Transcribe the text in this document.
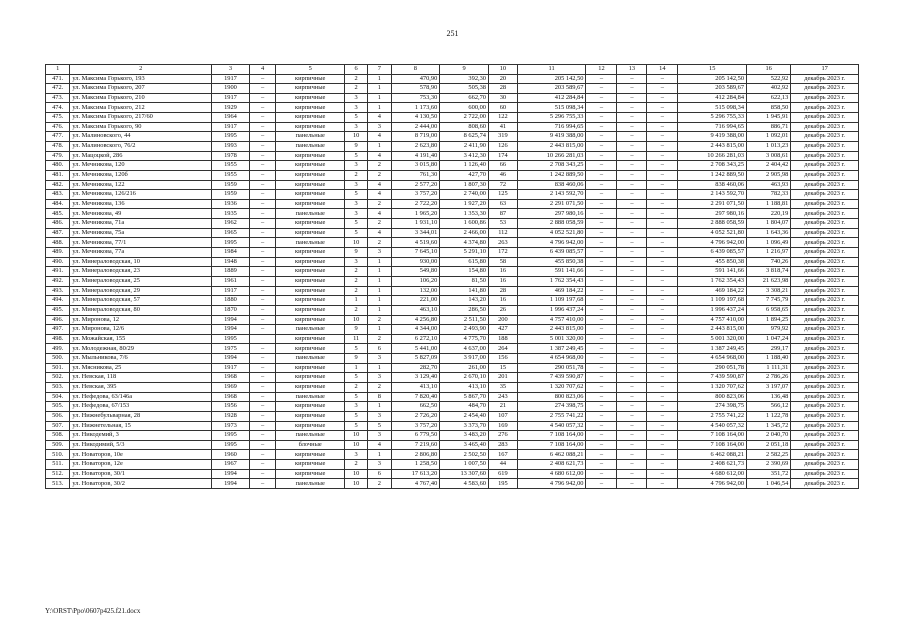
251
1	2	3	4	5	6	7	8	9	10	11	12	13	14	15	16	17
471.	ул. Максима Горького, 193	1917	–	кирпичные	2	1	470,90	392,30	20	205 142,50	–	–	–	205 142,50	522,92	декабрь 2023 г.
472.	ул. Максима Горького, 207	1900	–	кирпичные	2	1	578,90	505,38	28	203 589,67	–	–	–	203 589,67	402,92	декабрь 2023 г.
473.	ул. Максима Горького, 210	1917	–	кирпичные	3	1	753,30	662,70	30	412 284,84	–	–	–	412 284,84	622,13	декабрь 2023 г.
474.	ул. Максима Горького, 212	1929	–	кирпичные	3	1	1 173,60	600,00	60	515 098,34	–	–	–	515 098,34	858,50	декабрь 2023 г.
475.	ул. Максима Горького, 217/60	1964	–	кирпичные	5	4	4 130,50	2 722,00	122	5 296 755,33	–	–	–	5 296 755,33	1 945,91	декабрь 2023 г.
476.	ул. Максима Горького, 90	1917	–	кирпичные	3	3	2 444,00	808,60	41	716 994,65	–	–	–	716 994,65	886,71	декабрь 2023 г.
477.	ул. Малиновского, 44	1995	–	панельные	10	4	8 719,00	8 625,74	319	9 419 388,00	–	–	–	9 419 388,00	1 092,01	декабрь 2023 г.
478.	ул. Малиновского, 76/2	1993	–	панельные	9	1	2 623,80	2 411,90	126	2 443 815,00	–	–	–	2 443 815,00	1 013,23	декабрь 2023 г.
479.	ул. Мацоцкой, 286	1978	–	кирпичные	5	4	4 191,40	3 412,30	174	10 266 281,03	–	–	–	10 266 281,03	3 008,61	декабрь 2023 г.
480.	ул. Мечникова, 120	1955	–	кирпичные	3	2	3 015,80	1 126,40	66	2 708 343,25	–	–	–	2 708 343,25	2 404,42	декабрь 2023 г.
481.	ул. Мечникова, 120б	1955	–	кирпичные	2	2	761,30	427,70	46	1 242 889,50	–	–	–	1 242 889,50	2 905,98	декабрь 2023 г.
482.	ул. Мечникова, 122	1959	–	кирпичные	3	4	2 577,20	1 807,30	72	838 460,06	–	–	–	838 460,06	463,93	декабрь 2023 г.
483.	ул. Мечникова, 126/216	1959	–	кирпичные	5	4	3 757,20	2 740,00	125	2 143 592,70	–	–	–	2 143 592,70	782,33	декабрь 2023 г.
484.	ул. Мечникова, 136	1936	–	кирпичные	3	2	2 722,20	1 927,20	63	2 291 071,50	–	–	–	2 291 071,50	1 188,81	декабрь 2023 г.
485.	ул. Мечникова, 49	1935	–	панельные	3	4	1 965,20	1 353,30	87	297 980,16	–	–	–	297 980,16	220,19	декабрь 2023 г.
486.	ул. Мечникова, 71а	1962	–	кирпичные	5	2	1 931,10	1 600,86	53	2 888 058,59	–	–	–	2 888 058,59	1 804,07	декабрь 2023 г.
487.	ул. Мечникова, 75а	1965	–	кирпичные	5	4	3 344,01	2 466,00	112	4 052 521,80	–	–	–	4 052 521,80	1 643,36	декабрь 2023 г.
488.	ул. Мечникова, 77/1	1995	–	панельные	10	2	4 519,60	4 374,80	263	4 796 942,00	–	–	–	4 796 942,00	1 096,49	декабрь 2023 г.
489.	ул. Мечникова, 77а	1984	–	кирпичные	9	3	7 645,10	5 291,10	172	6 439 085,57	–	–	–	6 439 085,57	1 216,97	декабрь 2023 г.
490.	ул. Минераловодская, 10	1948	–	кирпичные	3	1	930,00	615,80	58	455 850,38	–	–	–	455 850,38	740,26	декабрь 2023 г.
491.	ул. Минераловодская, 23	1889	–	кирпичные	2	1	549,80	154,80	16	591 141,66	–	–	–	591 141,66	3 818,74	декабрь 2023 г.
492.	ул. Минераловодская, 25	1961	–	кирпичные	2	1	106,20	81,50	16	1 762 354,43	–	–	–	1 762 354,43	21 623,98	декабрь 2023 г.
493.	ул. Минераловодская, 29	1917	–	кирпичные	2	1	132,00	141,80	28	469 184,22	–	–	–	469 184,22	3 308,21	декабрь 2023 г.
494.	ул. Минераловодская, 57	1880	–	кирпичные	1	1	221,00	143,20	16	1 109 197,68	–	–	–	1 109 197,68	7 745,79	декабрь 2023 г.
495.	ул. Минераловодская, 80	1870	–	кирпичные	2	1	463,10	286,50	26	1 996 437,24	–	–	–	1 996 437,24	6 958,65	декабрь 2023 г.
496.	ул. Миронова, 12	1994	–	кирпичные	10	2	4 256,80	2 511,50	200	4 757 410,00	–	–	–	4 757 410,00	1 894,25	декабрь 2023 г.
497.	ул. Миронова, 12/6	1994	–	панельные	9	1	4 344,00	2 493,90	427	2 443 815,00	–	–	–	2 443 815,00	979,92	декабрь 2023 г.
498.	ул. Можайская, 155	1995		кирпичные	11	2	6 272,10	4 775,70	188	5 001 320,00	–	–	–	5 001 320,00	1 047,24	декабрь 2023 г.
499.	ул. Молодежная, 80/29	1975	–	кирпичные	5	6	5 441,00	4 637,00	264	1 387 249,45	–	–	–	1 387 249,45	299,17	декабрь 2023 г.
500.	ул. Мыльникова, 7/6	1994	–	панельные	9	3	5 827,09	3 917,00	156	4 654 968,00	–	–	–	4 654 968,00	1 188,40	декабрь 2023 г.
501.	ул. Мясникова, 25	1917	–	кирпичные	1	1	282,70	261,00	15	290 051,78	–	–	–	290 051,78	1 111,31	декабрь 2023 г.
502.	ул. Невская, 118	1968	–	кирпичные	5	3	3 129,40	2 670,10	201	7 439 590,87	–	–	–	7 439 590,87	2 786,26	декабрь 2023 г.
503.	ул. Невская, 395	1969	–	кирпичные	2	2	413,10	413,10	35	1 320 707,62	–	–	–	1 320 707,62	3 197,07	декабрь 2023 г.
504.	ул. Нефедова, 63/146а	1968	–	панельные	5	8	7 820,40	5 867,70	243	800 823,06	–	–	–	800 823,06	136,48	декабрь 2023 г.
505.	ул. Нефедова, 67/153	1956	–	кирпичные	3	1	662,50	484,70	21	274 398,75	–	–	–	274 398,75	566,12	декабрь 2023 г.
506.	ул. Нижнебульварная, 28	1928	–	кирпичные	5	3	2 726,20	2 454,40	107	2 755 741,22	–	–	–	2 755 741,22	1 122,78	декабрь 2023 г.
507.	ул. Нижнетельная, 15	1973	–	кирпичные	5	5	3 757,20	3 373,70	169	4 540 057,32	–	–	–	4 540 057,32	1 345,72	декабрь 2023 г.
508.	ул. Никодемий, 3	1995	–	панельные	10	3	6 779,50	3 483,20	276	7 108 164,00	–	–	–	7 108 164,00	2 040,70	декабрь 2023 г.
509.	ул. Никодимий, 5/3	1995	–	блочные	10	4	7 219,60	3 465,40	283	7 108 164,00	–	–	–	7 108 164,00	2 051,18	декабрь 2023 г.
510.	ул. Новаторов, 10е	1960	–	кирпичные	3	1	2 806,80	2 502,50	167	6 462 088,21	–	–	–	6 462 088,21	2 582,25	декабрь 2023 г.
511.	ул. Новаторов, 12е	1967	–	кирпичные	2	3	1 258,50	1 007,50	44	2 408 621,73	–	–	–	2 408 621,73	2 390,69	декабрь 2023 г.
512.	ул. Новаторов, 30/1	1994	–	кирпичные	10	6	17 613,20	13 307,60	619	4 680 612,00	–	–	–	4 680 612,00	351,72	декабрь 2023 г.
513.	ул. Новаторов, 30/2	1994	–	панельные	10	2	4 767,40	4 583,60	195	4 796 942,00	–	–	–	4 796 942,00	1 046,54	декабрь 2023 г.
Y:\ORST\Ppo\0607p425.f21.docx
